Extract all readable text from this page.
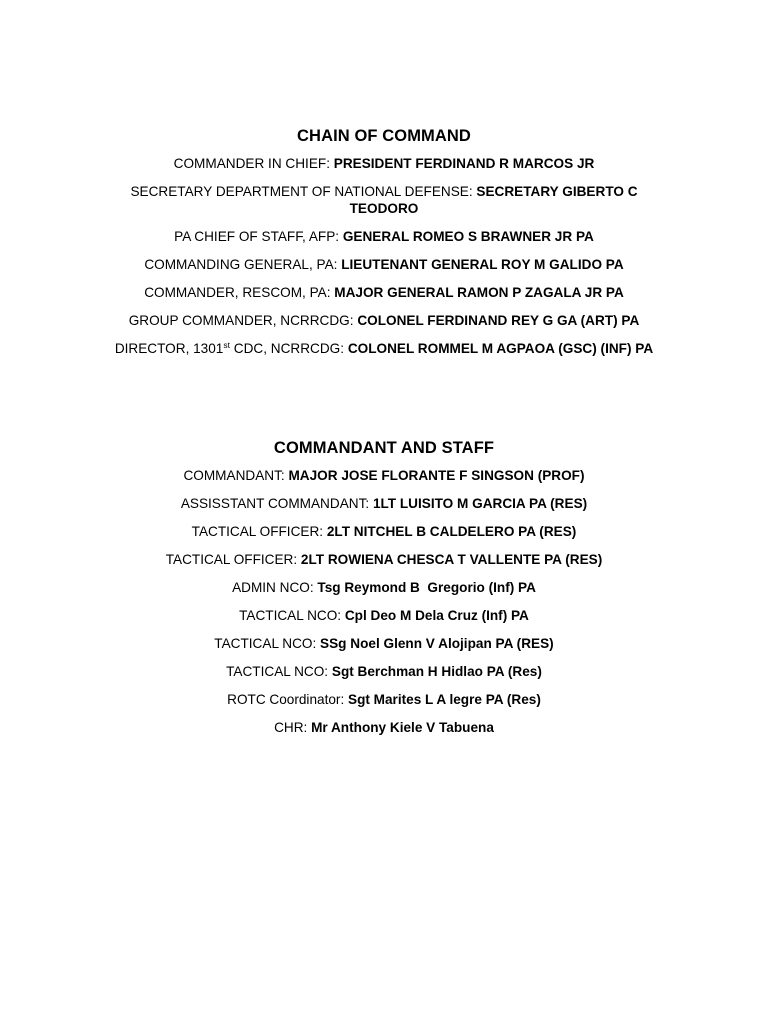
CHAIN OF COMMAND
COMMANDER IN CHIEF: PRESIDENT FERDINAND R MARCOS JR
SECRETARY DEPARTMENT OF NATIONAL DEFENSE: SECRETARY GIBERTO C TEODORO
PA CHIEF OF STAFF, AFP: GENERAL ROMEO S BRAWNER JR PA
COMMANDING GENERAL, PA: LIEUTENANT GENERAL ROY M GALIDO PA
COMMANDER, RESCOM, PA: MAJOR GENERAL RAMON P ZAGALA JR PA
GROUP COMMANDER, NCRRCDG: COLONEL FERDINAND REY G GA (ART) PA
DIRECTOR, 1301st CDC, NCRRCDG: COLONEL ROMMEL M AGPAOA (GSC) (INF) PA
COMMANDANT AND STAFF
COMMANDANT: MAJOR JOSE FLORANTE F SINGSON (PROF)
ASSISSTANT COMMANDANT: 1LT LUISITO M GARCIA PA (RES)
TACTICAL OFFICER: 2LT NITCHEL B CALDELERO PA (RES)
TACTICAL OFFICER: 2LT ROWIENA CHESCA T VALLENTE PA (RES)
ADMIN NCO: Tsg Reymond B  Gregorio (Inf) PA
TACTICAL NCO: Cpl Deo M Dela Cruz (Inf) PA
TACTICAL NCO: SSg Noel Glenn V Alojipan PA (RES)
TACTICAL NCO: Sgt Berchman H Hidlao PA (Res)
ROTC Coordinator: Sgt Marites L A legre PA (Res)
CHR: Mr Anthony Kiele V Tabuena
